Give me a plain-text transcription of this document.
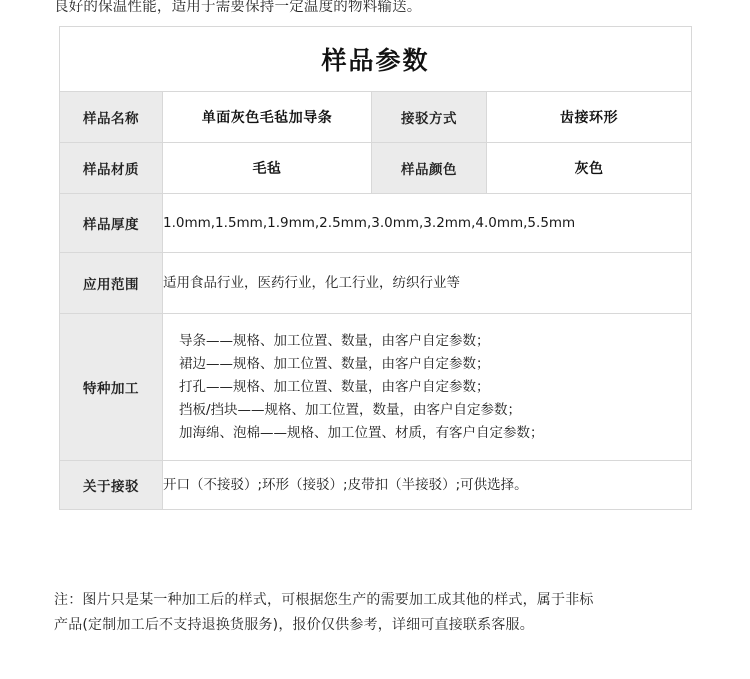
良好的保温性能，适用于需要保持一定温度的物料输送。
样品参数			
样品名称	单面灰色毛毡加导条	接驳方式	齿接环形
样品材质	毛毡	样品颜色	灰色
样品厚度	1.0mm,1.5mm,1.9mm,2.5mm,3.0mm,3.2mm,4.0mm,5.5mm		
应用范围	适用食品行业，医药行业，化工行业，纺织行业等		
特种加工	导条——规格、加工位置、数量，由客户自定参数；
裙边——规格、加工位置、数量，由客户自定参数；
打孔——规格、加工位置、数量，由客户自定参数；
挡板/挡块——规格、加工位置，数量，由客户自定参数；
加海绵、泡棉——规格、加工位置、材质，有客户自定参数；		

关于接驳	开口（不接驳）;环形（接驳）;皮带扣（半接驳）;可供选择。		
注：图片只是某一种加工后的样式，可根据您生产的需要加工成其他的样式，属于非标
产品(定制加工后不支持退换货服务)，报价仅供参考，详细可直接联系客服。
